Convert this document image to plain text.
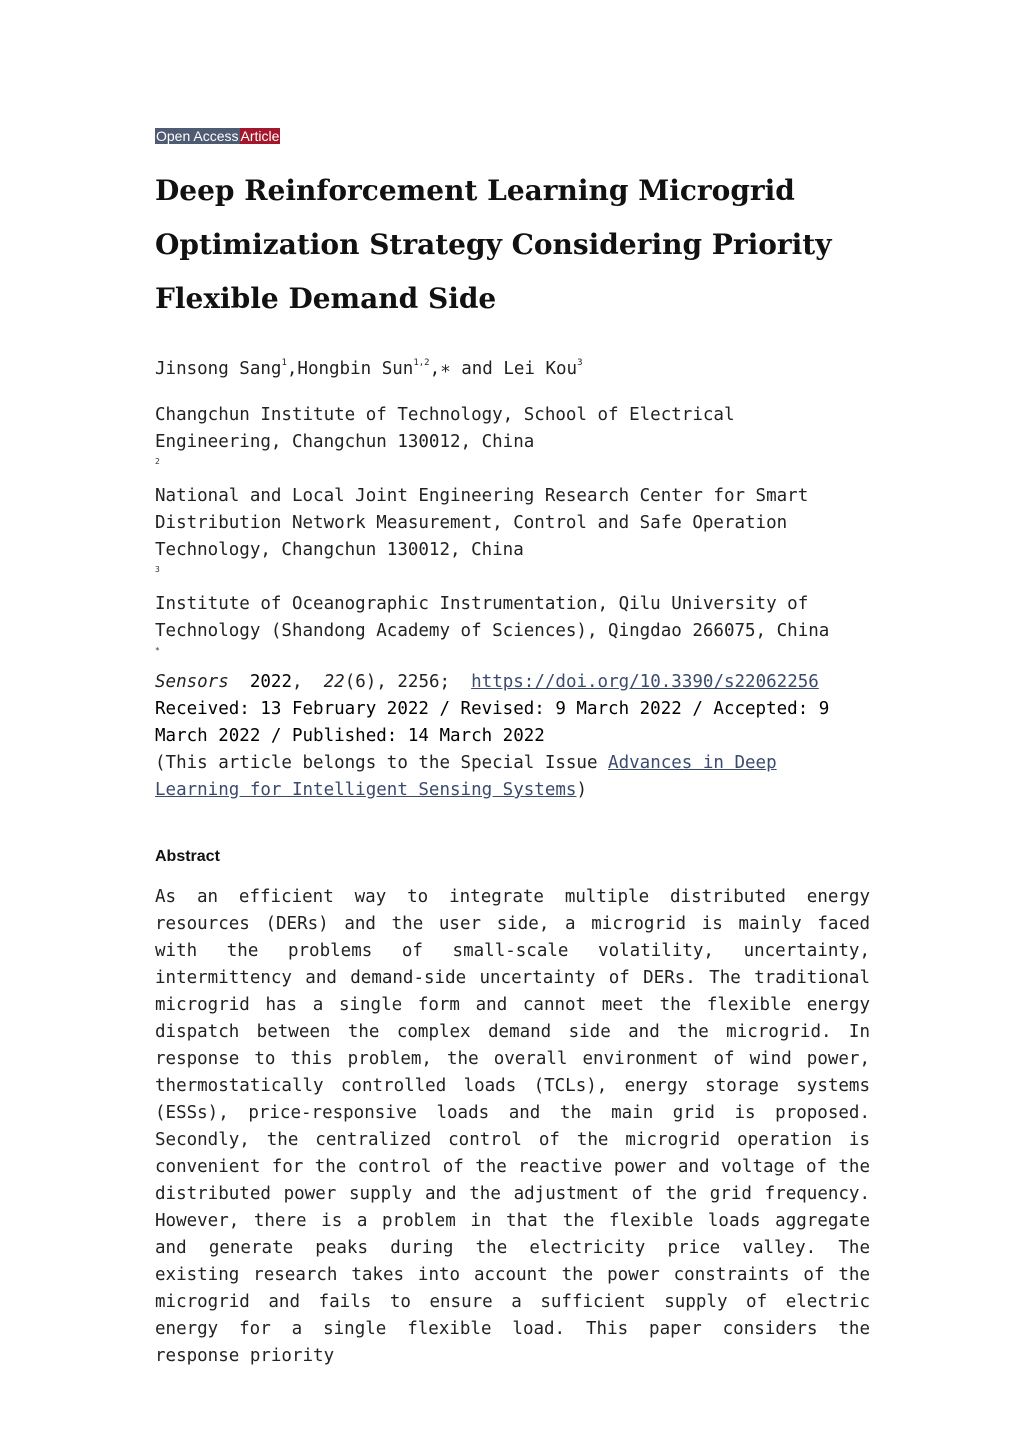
Open Access Article
Deep Reinforcement Learning Microgrid Optimization Strategy Considering Priority Flexible Demand Side
Jinsong Sang$^1$,Hongbin Sun$^{1,2}$,∗ and Lei Kou$^3$
Changchun Institute of Technology, School of Electrical Engineering, Changchun 130012, China
2
National and Local Joint Engineering Research Center for Smart Distribution Network Measurement, Control and Safe Operation Technology, Changchun 130012, China
3
Institute of Oceanographic Instrumentation, Qilu University of Technology (Shandong Academy of Sciences), Qingdao 266075, China
*
Sensors 2022,  22(6), 2256; https://doi.org/10.3390/s22062256
Received: 13 February 2022 / Revised: 9 March 2022 / Accepted: 9 March 2022 / Published: 14 March 2022
(This article belongs to the Special Issue Advances in Deep Learning for Intelligent Sensing Systems)
Abstract
As an efficient way to integrate multiple distributed energy resources (DERs) and the user side, a microgrid is mainly faced with the problems of small-scale volatility, uncertainty, intermittency and demand-side uncertainty of DERs. The traditional microgrid has a single form and cannot meet the flexible energy dispatch between the complex demand side and the microgrid. In response to this problem, the overall environment of wind power, thermostatically controlled loads (TCLs), energy storage systems (ESSs), price-responsive loads and the main grid is proposed. Secondly, the centralized control of the microgrid operation is convenient for the control of the reactive power and voltage of the distributed power supply and the adjustment of the grid frequency. However, there is a problem in that the flexible loads aggregate and generate peaks during the electricity price valley. The existing research takes into account the power constraints of the microgrid and fails to ensure a sufficient supply of electric energy for a single flexible load. This paper considers the response priority
